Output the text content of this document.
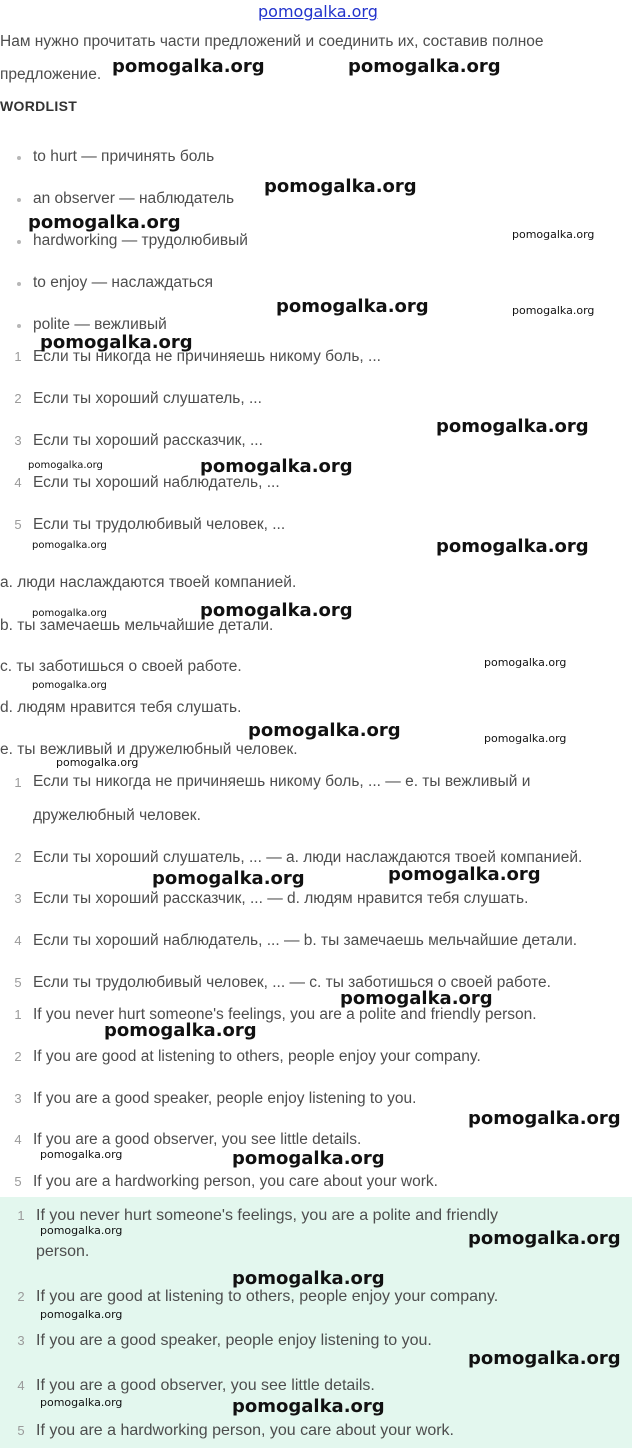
pomogalka.org
Нам нужно прочитать части предложений и соединить их, составив полное
предложение.
WORDLIST
to hurt — причинять боль
an observer — наблюдатель
hardworking — трудолюбивый
to enjoy — наслаждаться
polite — вежливый
1 Если ты никогда не причиняешь никому боль, ...
2 Если ты хороший слушатель, ...
3 Если ты хороший рассказчик, ...
4 Если ты хороший наблюдатель, ...
5 Если ты трудолюбивый человек, ...
a. люди наслаждаются твоей компанией.
b. ты замечаешь мельчайшие детали.
c. ты заботишься о своей работе.
d. людям нравится тебя слушать.
e. ты вежливый и дружелюбный человек.
1 Если ты никогда не причиняешь никому боль, ... — e. ты вежливый и
дружелюбный человек.
2 Если ты хороший слушатель, ... — a. люди наслаждаются твоей компанией.
3 Если ты хороший рассказчик, ... — d. людям нравится тебя слушать.
4 Если ты хороший наблюдатель, ... — b. ты замечаешь мельчайшие детали.
5 Если ты трудолюбивый человек, ... — c. ты заботишься о своей работе.
1 If you never hurt someone's feelings, you are a polite and friendly person.
2 If you are good at listening to others, people enjoy your company.
3 If you are a good speaker, people enjoy listening to you.
4 If you are a good observer, you see little details.
5 If you are a hardworking person, you care about your work.
1 If you never hurt someone's feelings, you are a polite and friendly
person.
2 If you are good at listening to others, people enjoy your company.
3 If you are a good speaker, people enjoy listening to you.
4 If you are a good observer, you see little details.
5 If you are a hardworking person, you care about your work.
pomogalka.org	pomogalka.org
pomogalka.org
pomogalka.org
pomogalka.org
pomogalka.org	pomogalka.org
pomogalka.org
pomogalka.org
pomogalka.org
pomogalka.org
pomogalka.org
pomogalka.org
pomogalka.org
pomogalka.org
pomogalka.org
pomogalka.org
pomogalka.org	pomogalka.org
pomogalka.org
pomogalka.org	pomogalka.org
pomogalka.org
pomogalka.org
pomogalka.org
pomogalka.org	pomogalka.org
pomogalka.org	pomogalka.org
pomogalka.org
pomogalka.org
pomogalka.org
pomogalka.org	pomogalka.org
